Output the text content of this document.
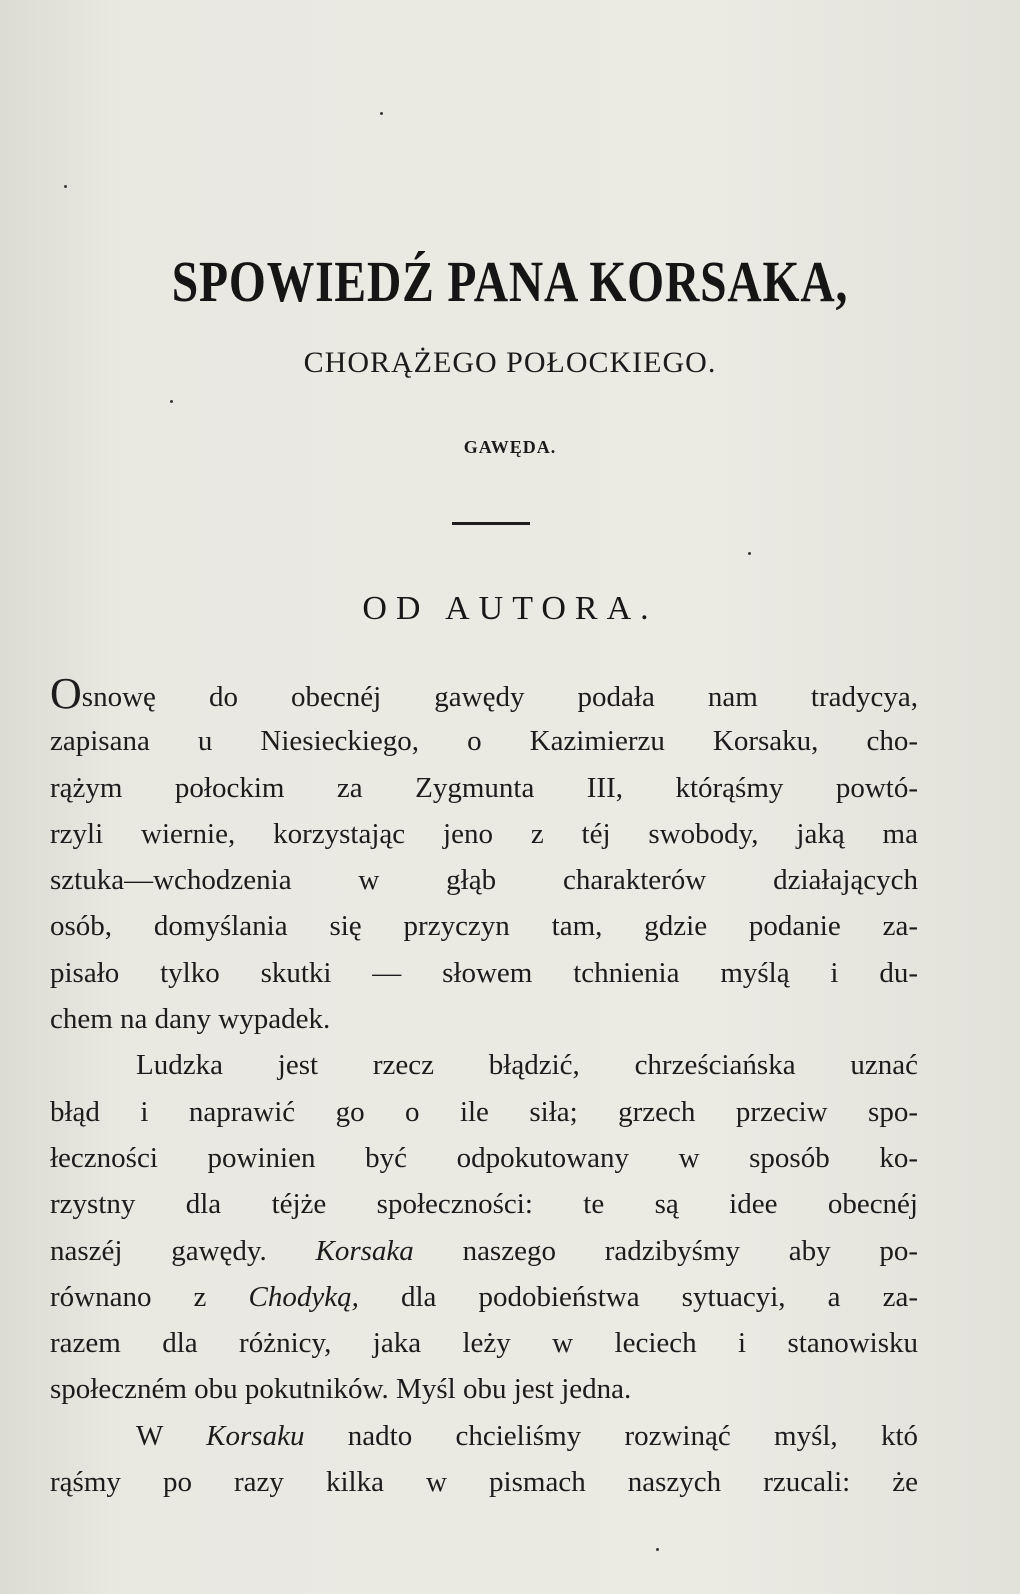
SPOWIEDŹ PANA KORSAKA,
CHORĄŻEGO POŁOCKIEGO.
GAWĘDA.
OD AUTORA.
Osnowę do obecnéj gawędy podała nam tradycya,
zapisana u Niesieckiego, o Kazimierzu Korsaku, cho-
rążym połockim za Zygmunta III, którąśmy powtó-
rzyli wiernie, korzystając jeno z téj swobody, jaką ma
sztuka—wchodzenia w głąb charakterów działających
osób, domyślania się przyczyn tam, gdzie podanie za-
pisało tylko skutki — słowem tchnienia myślą i du-
chem na dany wypadek.
Ludzka jest rzecz błądzić, chrześciańska uznać
błąd i naprawić go o ile siła; grzech przeciw spo-
łeczności powinien być odpokutowany w sposób ko-
rzystny dla téjże społeczności: te są idee obecnéj
naszéj gawędy. Korsaka naszego radzibyśmy aby po-
równano z Chodyką, dla podobieństwa sytuacyi, a za-
razem dla różnicy, jaka leży w leciech i stanowisku
społeczném obu pokutników. Myśl obu jest jedna.
W Korsaku nadto chcieliśmy rozwinąć myśl, któ
rąśmy po razy kilka w pismach naszych rzucali: że
